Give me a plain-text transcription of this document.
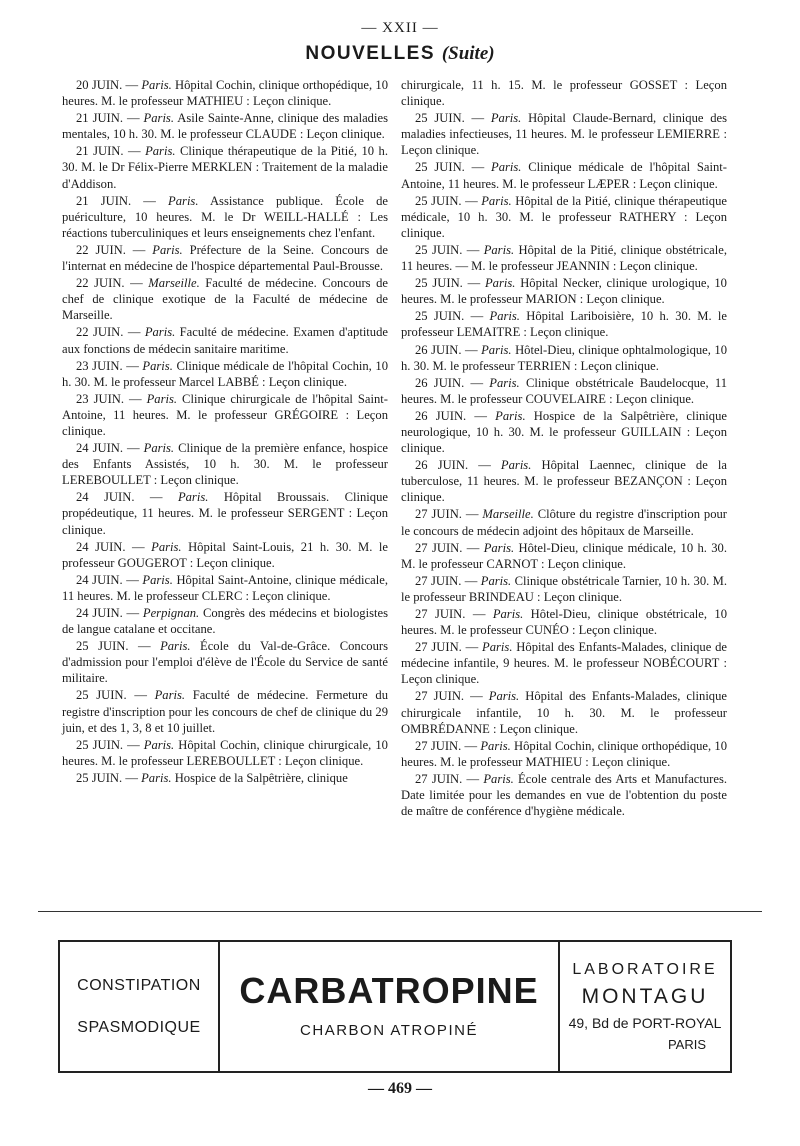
— XXII —
NOUVELLES (Suite)

20 JUIN. — Paris. Hôpital Cochin, clinique orthopédique, 10 heures. M. le professeur MATHIEU : Leçon clinique.

21 JUIN. — Paris. Asile Sainte-Anne, clinique des maladies mentales, 10 h. 30. M. le professeur CLAUDE : Leçon clinique.

21 JUIN. — Paris. Clinique thérapeutique de la Pitié, 10 h. 30. M. le Dr Félix-Pierre MERKLEN : Traitement de la maladie d'Addison.

21 JUIN. — Paris. Assistance publique. École de puériculture, 10 heures. M. le Dr WEILL-HALLÉ : Les réactions tuberculiniques et leurs enseignements chez l'enfant.

22 JUIN. — Paris. Préfecture de la Seine. Concours de l'internat en médecine de l'hospice départemental Paul-Brousse.

22 JUIN. — Marseille. Faculté de médecine. Concours de chef de clinique exotique de la Faculté de médecine de Marseille.

22 JUIN. — Paris. Faculté de médecine. Examen d'aptitude aux fonctions de médecin sanitaire maritime.

23 JUIN. — Paris. Clinique médicale de l'hôpital Cochin, 10 h. 30. M. le professeur Marcel LABBÉ : Leçon clinique.

23 JUIN. — Paris. Clinique chirurgicale de l'hôpital Saint-Antoine, 11 heures. M. le professeur GRÉGOIRE : Leçon clinique.

24 JUIN. — Paris. Clinique de la première enfance, hospice des Enfants Assistés, 10 h. 30. M. le professeur LEREBOULLET : Leçon clinique.

24 JUIN. — Paris. Hôpital Broussais. Clinique propédeutique, 11 heures. M. le professeur SERGENT : Leçon clinique.

24 JUIN. — Paris. Hôpital Saint-Louis, 21 h. 30. M. le professeur GOUGEROT : Leçon clinique.

24 JUIN. — Paris. Hôpital Saint-Antoine, clinique médicale, 11 heures. M. le professeur CLERC : Leçon clinique.

24 JUIN. — Perpignan. Congrès des médecins et biologistes de langue catalane et occitane.

25 JUIN. — Paris. École du Val-de-Grâce. Concours d'admission pour l'emploi d'élève de l'École du Service de santé militaire.

25 JUIN. — Paris. Faculté de médecine. Fermeture du registre d'inscription pour les concours de chef de clinique du 29 juin, et des 1, 3, 8 et 10 juillet.

25 JUIN. — Paris. Hôpital Cochin, clinique chirurgicale, 10 heures. M. le professeur LEREBOULLET : Leçon clinique.

25 JUIN. — Paris. Hospice de la Salpêtrière, clinique

chirurgicale, 11 h. 15. M. le professeur GOSSET : Leçon clinique.

25 JUIN. — Paris. Hôpital Claude-Bernard, clinique des maladies infectieuses, 11 heures. M. le professeur LEMIERRE : Leçon clinique.

25 JUIN. — Paris. Clinique médicale de l'hôpital Saint-Antoine, 11 heures. M. le professeur LÆPER : Leçon clinique.

25 JUIN. — Paris. Hôpital de la Pitié, clinique thérapeutique médicale, 10 h. 30. M. le professeur RATHERY : Leçon clinique.

25 JUIN. — Paris. Hôpital de la Pitié, clinique obstétricale, 11 heures. — M. le professeur JEANNIN : Leçon clinique.

25 JUIN. — Paris. Hôpital Necker, clinique urologique, 10 heures. M. le professeur MARION : Leçon clinique.

25 JUIN. — Paris. Hôpital Lariboisière, 10 h. 30. M. le professeur LEMAITRE : Leçon clinique.

26 JUIN. — Paris. Hôtel-Dieu, clinique ophtalmologique, 10 h. 30. M. le professeur TERRIEN : Leçon clinique.

26 JUIN. — Paris. Clinique obstétricale Baudelocque, 11 heures. M. le professeur COUVELAIRE : Leçon clinique.

26 JUIN. — Paris. Hospice de la Salpêtrière, clinique neurologique, 10 h. 30. M. le professeur GUILLAIN : Leçon clinique.

26 JUIN. — Paris. Hôpital Laennec, clinique de la tuberculose, 11 heures. M. le professeur BEZANÇON : Leçon clinique.

27 JUIN. — Marseille. Clôture du registre d'inscription pour le concours de médecin adjoint des hôpitaux de Marseille.

27 JUIN. — Paris. Hôtel-Dieu, clinique médicale, 10 h. 30. M. le professeur CARNOT : Leçon clinique.

27 JUIN. — Paris. Clinique obstétricale Tarnier, 10 h. 30. M. le professeur BRINDEAU : Leçon clinique.

27 JUIN. — Paris. Hôtel-Dieu, clinique obstétricale, 10 heures. M. le professeur CUNÉO : Leçon clinique.

27 JUIN. — Paris. Hôpital des Enfants-Malades, clinique de médecine infantile, 9 heures. M. le professeur NOBÉCOURT : Leçon clinique.

27 JUIN. — Paris. Hôpital des Enfants-Malades, clinique chirurgicale infantile, 10 h. 30. M. le professeur OMBRÉDANNE : Leçon clinique.

27 JUIN. — Paris. Hôpital Cochin, clinique orthopédique, 10 heures. M. le professeur MATHIEU : Leçon clinique.

27 JUIN. — Paris. École centrale des Arts et Manufactures. Date limitée pour les demandes en vue de l'obtention du poste de maître de conférence d'hygiène médicale.

CONSTIPATION
SPASMODIQUE
CARBATROPINE
CHARBON ATROPINÉ
LABORATOIRE
MONTAGU
49, Bd de PORT-ROYAL
PARIS
— 469 —
